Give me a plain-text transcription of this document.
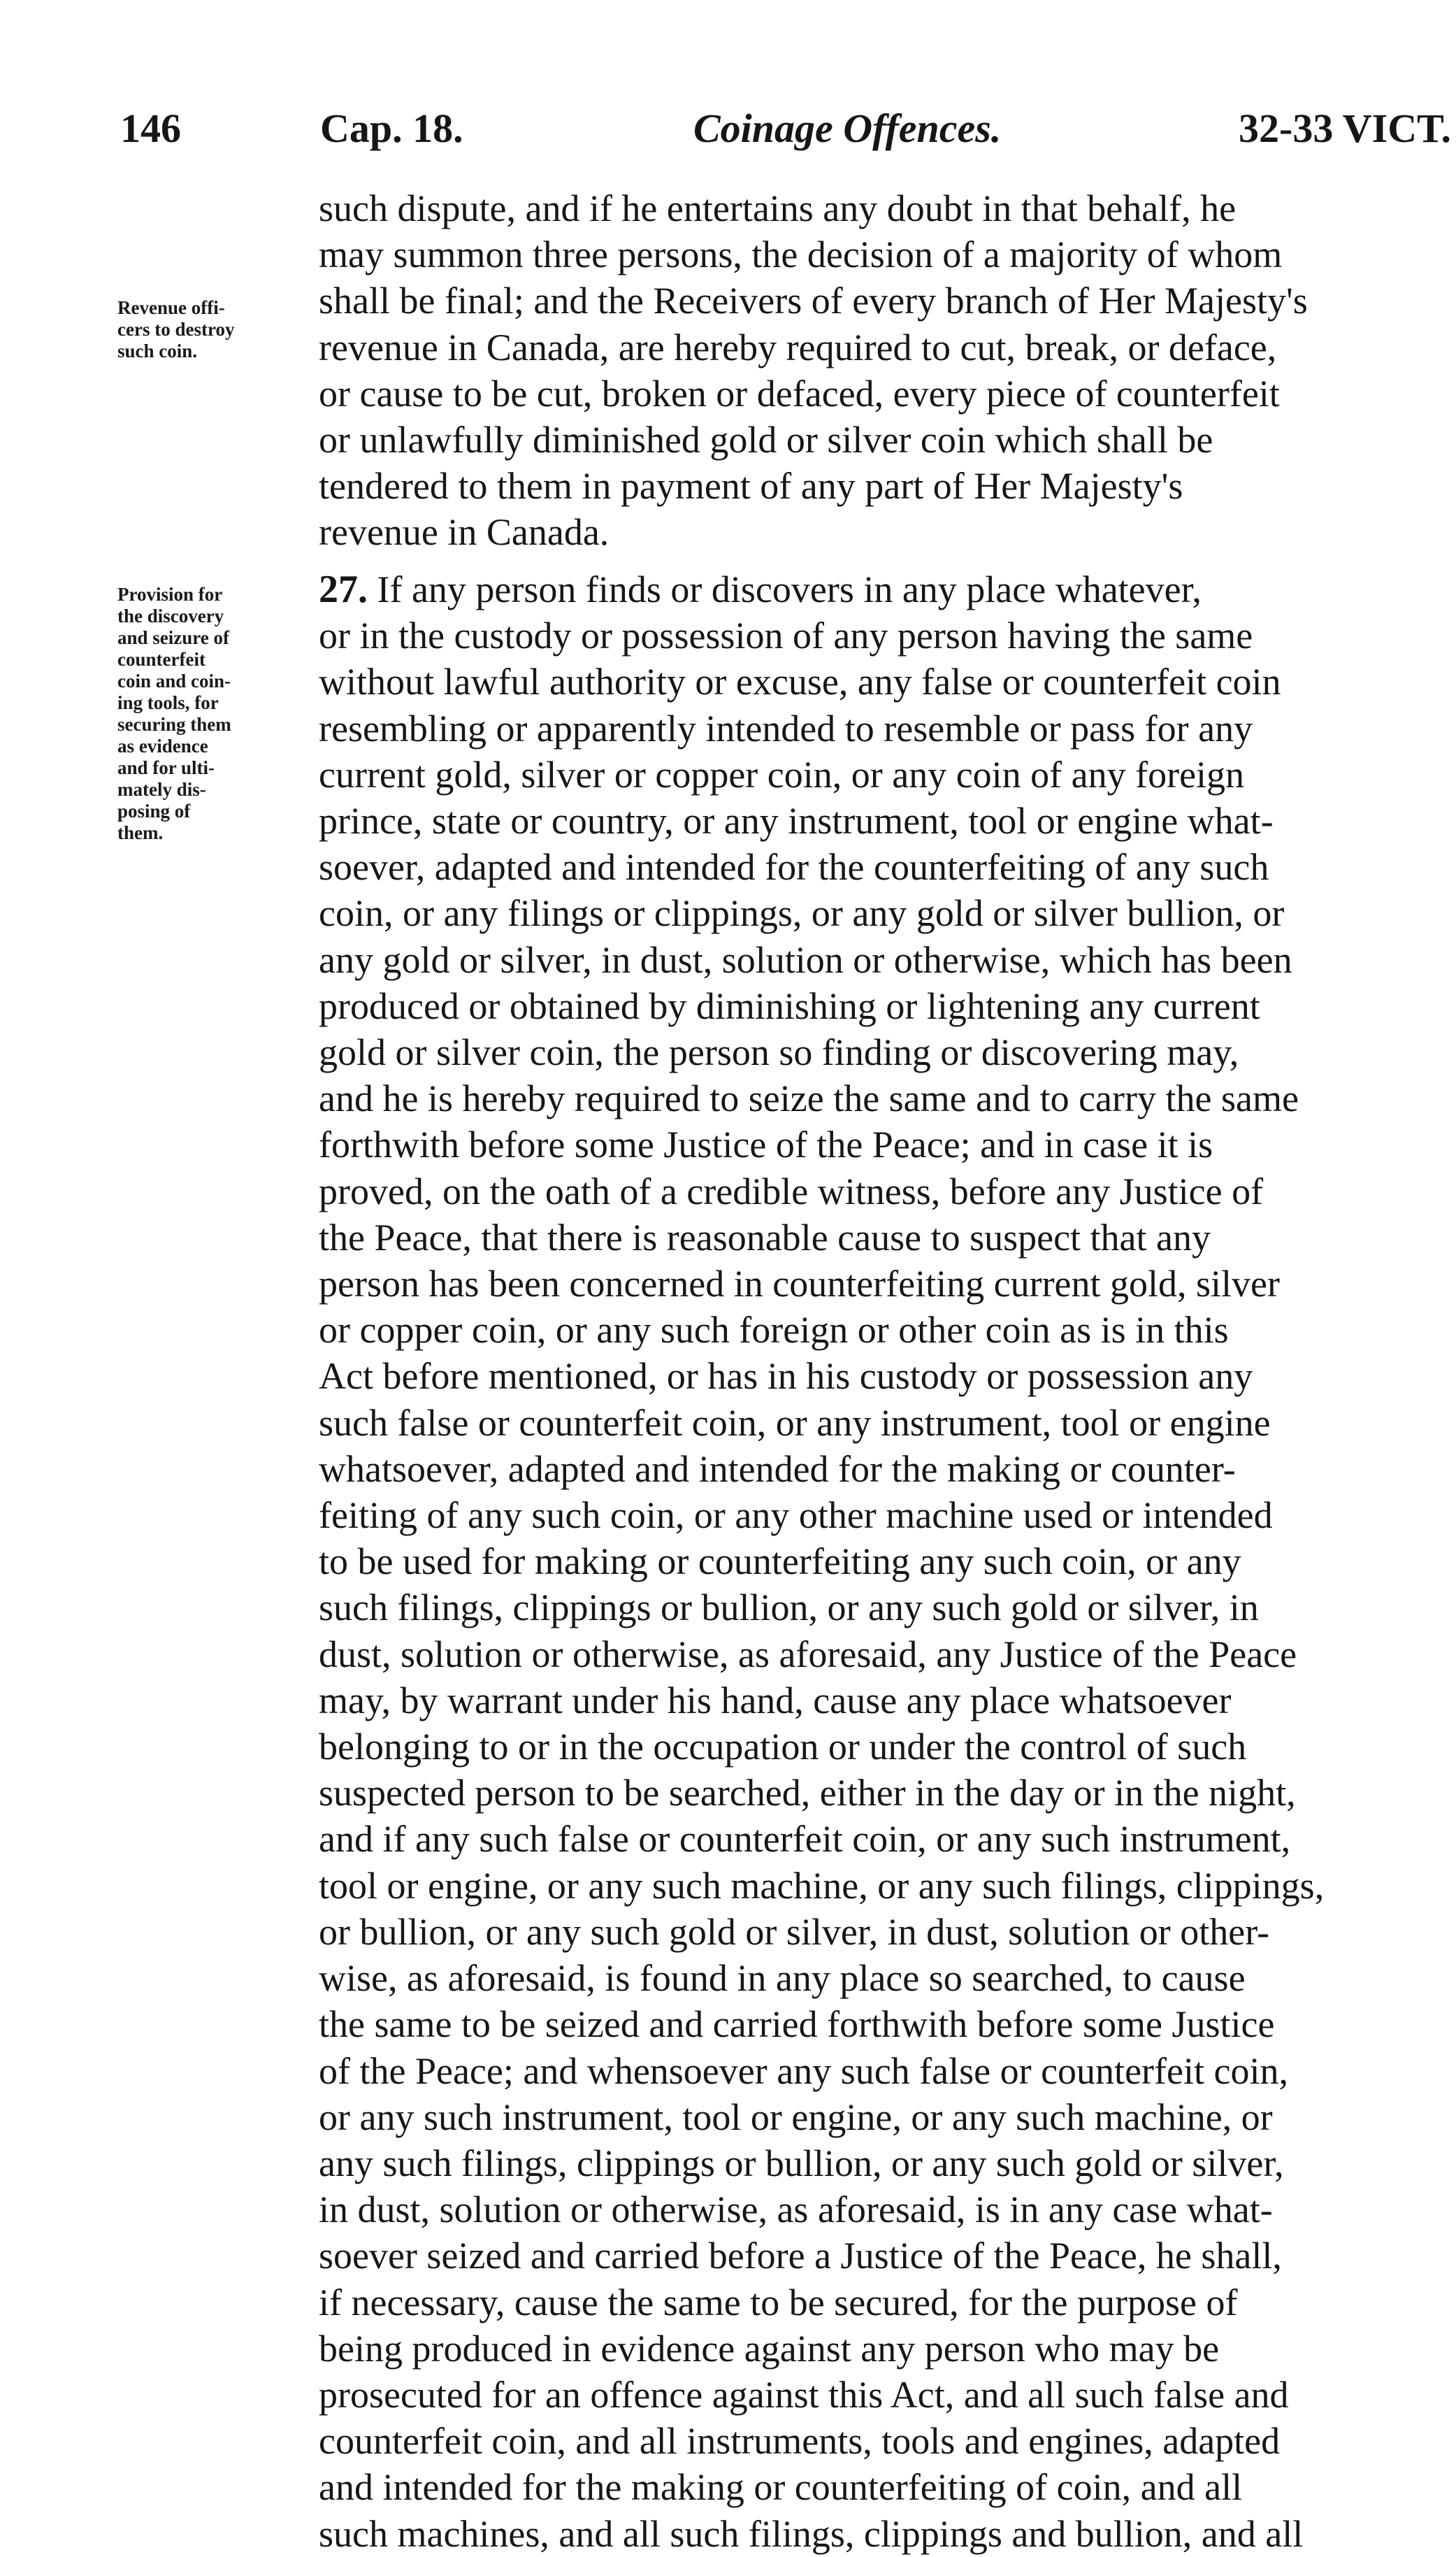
146	Cap. 18.	Coinage Offences.	32-33 VICT.
Revenue offi-
cers to destroy
such coin.
Provision for
the discovery
and seizure of
counterfeit
coin and coin-
ing tools, for
securing them
as evidence
and for ulti-
mately dis-
posing of
them.
such dispute, and if he entertains any doubt in that behalf, he
may summon three persons, the decision of a majority of whom
shall be final; and the Receivers of every branch of Her Majesty's
revenue in Canada, are hereby required to cut, break, or deface,
or cause to be cut, broken or defaced, every piece of counterfeit
or unlawfully diminished gold or silver coin which shall be
tendered to them in payment of any part of Her Majesty's
revenue in Canada.
27. If any person finds or discovers in any place whatever,
or in the custody or possession of any person having the same
without lawful authority or excuse, any false or counterfeit coin
resembling or apparently intended to resemble or pass for any
current gold, silver or copper coin, or any coin of any foreign
prince, state or country, or any instrument, tool or engine what-
soever, adapted and intended for the counterfeiting of any such
coin, or any filings or clippings, or any gold or silver bullion, or
any gold or silver, in dust, solution or otherwise, which has been
produced or obtained by diminishing or lightening any current
gold or silver coin, the person so finding or discovering may,
and he is hereby required to seize the same and to carry the same
forthwith before some Justice of the Peace; and in case it is
proved, on the oath of a credible witness, before any Justice of
the Peace, that there is reasonable cause to suspect that any
person has been concerned in counterfeiting current gold, silver
or copper coin, or any such foreign or other coin as is in this
Act before mentioned, or has in his custody or possession any
such false or counterfeit coin, or any instrument, tool or engine
whatsoever, adapted and intended for the making or counter-
feiting of any such coin, or any other machine used or intended
to be used for making or counterfeiting any such coin, or any
such filings, clippings or bullion, or any such gold or silver, in
dust, solution or otherwise, as aforesaid, any Justice of the Peace
may, by warrant under his hand, cause any place whatsoever
belonging to or in the occupation or under the control of such
suspected person to be searched, either in the day or in the night,
and if any such false or counterfeit coin, or any such instrument,
tool or engine, or any such machine, or any such filings, clippings,
or bullion, or any such gold or silver, in dust, solution or other-
wise, as aforesaid, is found in any place so searched, to cause
the same to be seized and carried forthwith before some Justice
of the Peace; and whensoever any such false or counterfeit coin,
or any such instrument, tool or engine, or any such machine, or
any such filings, clippings or bullion, or any such gold or silver,
in dust, solution or otherwise, as aforesaid, is in any case what-
soever seized and carried before a Justice of the Peace, he shall,
if necessary, cause the same to be secured, for the purpose of
being produced in evidence against any person who may be
prosecuted for an offence against this Act, and all such false and
counterfeit coin, and all instruments, tools and engines, adapted
and intended for the making or counterfeiting of coin, and all
such machines, and all such filings, clippings and bullion, and all
